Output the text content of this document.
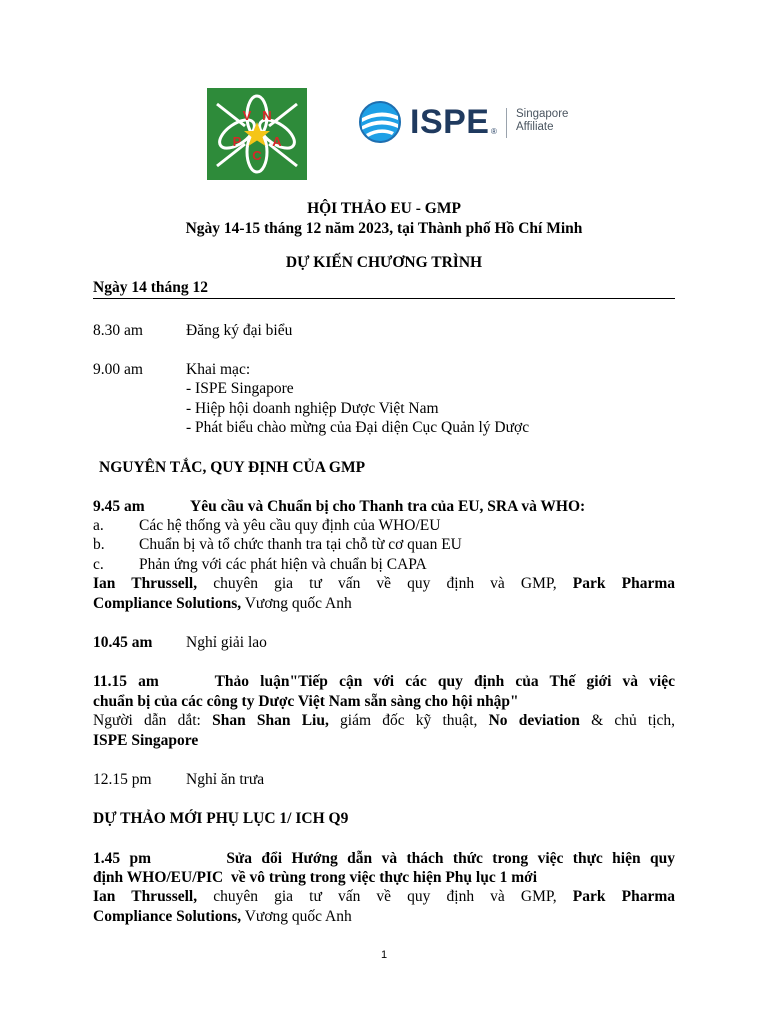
V N
P A
C
ISPE ®
Singapore
Affiliate
HỘI THẢO EU - GMP
Ngày 14-15 tháng 12 năm 2023, tại Thành phố Hồ Chí Minh
DỰ KIẾN CHƯƠNG TRÌNH
Ngày 14 tháng 12
8.30 am	Đăng ký đại biểu
9.00 am	Khai mạc:
- ISPE Singapore
- Hiệp hội doanh nghiệp Dược Việt Nam
- Phát biểu chào mừng của Đại diện Cục Quản lý Dược
NGUYÊN TẮC, QUY ĐỊNH CỦA GMP
9.45 am	Yêu cầu và Chuẩn bị cho Thanh tra của EU, SRA và WHO:
a. Các hệ thống và yêu cầu quy định của WHO/EU
b. Chuẩn bị và tổ chức thanh tra tại chỗ từ cơ quan EU
c. Phản ứng với các phát hiện và chuẩn bị CAPA
Ian Thrussell, chuyên gia tư vấn về quy định và GMP, Park Pharma
Compliance Solutions, Vương quốc Anh
10.45 am Nghỉ giải lao
11.15 am	Thảo luận"Tiếp cận với các quy định của Thế giới và việc
chuẩn bị của các công ty Dược Việt Nam sẵn sàng cho hội nhập"
Người dẫn dắt: Shan Shan Liu, giám đốc kỹ thuật, No deviation & chủ tịch,
ISPE Singapore
12.15 pm Nghỉ ăn trưa
DỰ THẢO MỚI PHỤ LỤC 1/ ICH Q9
1.45 pm	Sửa đổi Hướng dẫn và thách thức trong việc thực hiện quy
định WHO/EU/PIC  về vô trùng trong việc thực hiện Phụ lục 1 mới
Ian Thrussell, chuyên gia tư vấn về quy định và GMP, Park Pharma
Compliance Solutions, Vương quốc Anh
1
